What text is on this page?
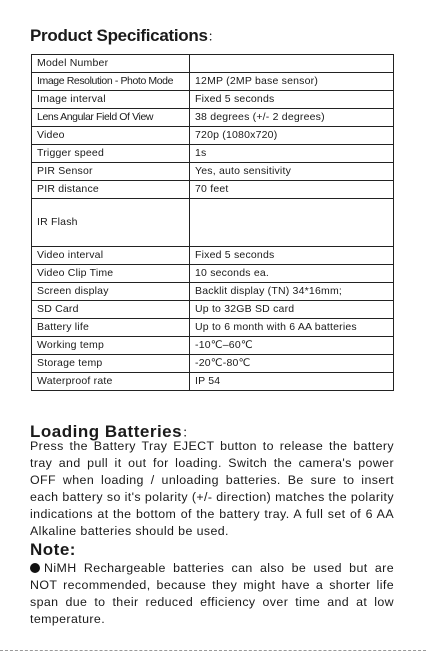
Product Specifications：
Model Number	
Image Resolution - Photo Mode	12MP (2MP base sensor)
Image interval	Fixed 5 seconds
Lens Angular Field Of View	38 degrees (+/- 2 degrees)
Video	720p (1080x720)
Trigger speed	1s
PIR Sensor	Yes, auto sensitivity
PIR distance	70 feet
IR Flash	
Video interval	Fixed 5 seconds
Video Clip Time	10 seconds ea.
Screen display	Backlit display (TN) 34*16mm;
SD Card	Up to 32GB SD card
Battery life	Up to 6 month with 6 AA batteries
Working temp	-10℃–60℃
Storage temp	-20℃-80℃
Waterproof rate	IP 54
Loading Batteries：

Press the Battery Tray EJECT button to release the battery tray and pull it out for loading. Switch the camera's power OFF when loading / unloading batteries. Be sure to insert each battery so it's polarity (+/- direction) matches the polarity indications at the bottom of the battery tray. A full set of 6 AA Alkaline batteries should be used.

Note:

NiMH Rechargeable batteries can also be used but are NOT recommended, because they might have a shorter life span due to their reduced efficiency over time and at low temperature.
